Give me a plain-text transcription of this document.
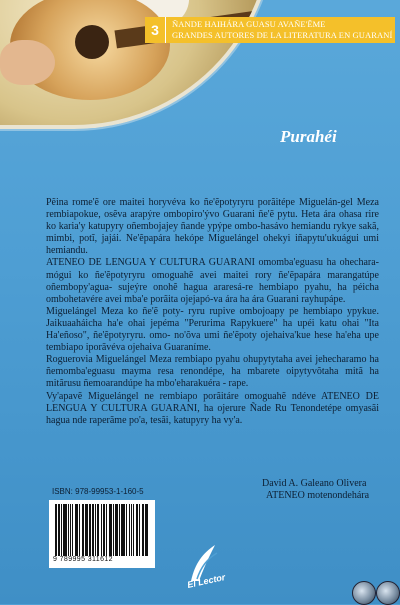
3	ÑANDE HAIHÁRA GUASU AVAÑE'ẼME
GRANDES AUTORES DE LA LITERATURA EN GUARANÍ
Purahéi

Pẽina rome'ẽ ore maitei horyvéva ko ñe'ẽpotyryru porãitépe Miguelán-gel Meza rembiapokue, osẽva arapýre ombopiro'ývo Guarani ñe'ẽ pytu. Heta ára ohasa rire ko karia'y katupyry oñembojajey ñande ypýpe ombo-hasávo hemiandu rykye sakã, mimbi, potĩ, jajái. Ne'ẽpapára hekópe Miguelángel ohekyi iñapytu'ukuágui umi hemiandu.

ATENEO DE LENGUA Y CULTURA GUARANI omomba'eguasu ha ohechara- mógui ko ñe'ẽpotyryru omoguahẽ avei maitei rory ñe'ẽpapára marangatúpe oñembopy'agua- sujeýre onohẽ hagua araresá-re hembiapo pyahu, ha péicha ombohetavére avei mba'e porãita ojejapó-va ára ha ára Guarani rayhupápe.

Miguelángel Meza ko ñe'ẽ poty- ryru rupive ombojoapy pe hembiapo ypykue. Jaikuaaháicha ha'e ohai jepéma "Perurima Rapykuere" ha upéi katu ohai "Ita Ha'eñoso", ñe'ẽpotyryru. omo- no'õva umi ñe'ẽpoty ojehaiva'kue hese ha'eha upe tembiapo iporãvéva ojehaiva Guaraníme.

Roguerovia Miguelángel Meza rembiapo pyahu ohupytytaha avei jehecharamo ha ñemomba'eguasu mayma resa renondépe, ha mbarete oipytyvõtaha mitã ha mitãrusu ñemoarandúpe ha mbo'eharakuéra - rape.

Vy'apavẽ Miguelángel ne rembiapo porãitáre omoguahẽ ndéve ATENEO DE LENGUA Y CULTURA GUARANI, ha ojerure Ñade Ru Tenondetépe omyasãi hagua nde raperãme po'a, tesãi, katupyry ha vy'a.

David A. Galeano Olivera
ATENEO motenondehára
ISBN: 978-99953-1-160-5
9 789995 311612
El Lector
